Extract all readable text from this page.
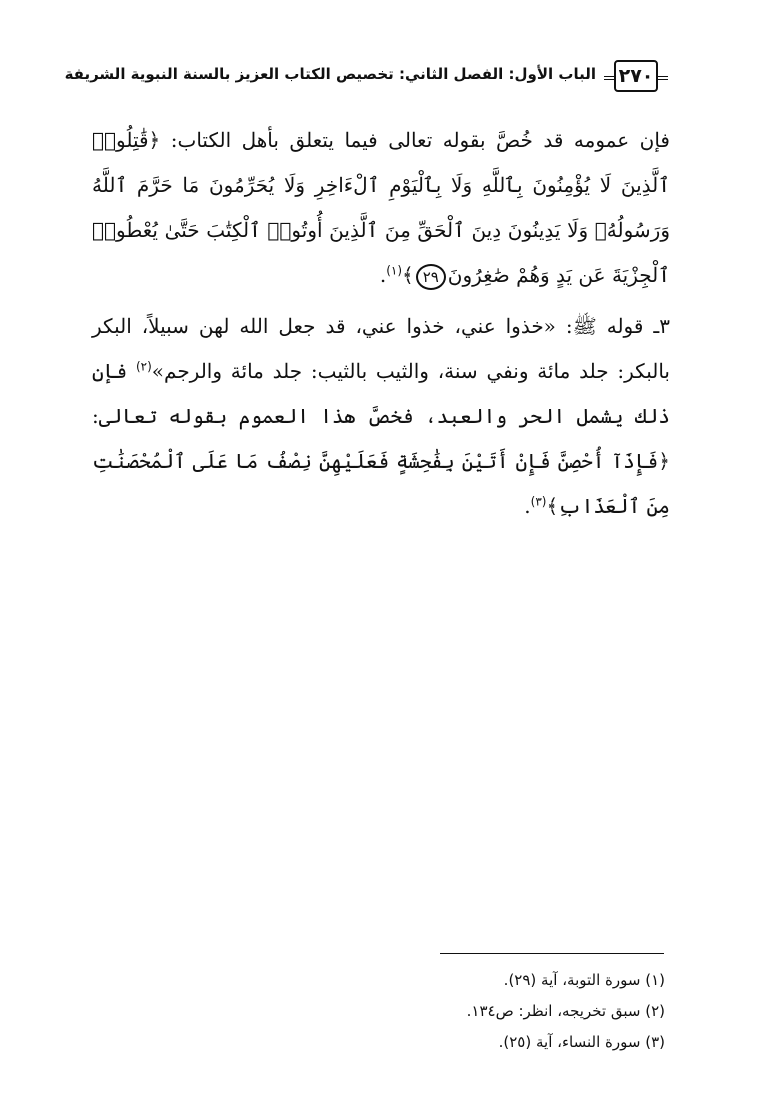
الباب الأول: الفصل الثاني: تخصيص الكتاب العزيز بالسنة النبوية الشريفة	٢٧٠

فإن عمومه قد خُصَّ بقوله تعالى فيما يتعلق بأهل الكتاب: ﴿قَٰتِلُوا۟ ٱلَّذِينَ لَا يُؤْمِنُونَ بِٱللَّهِ وَلَا بِٱلْيَوْمِ ٱلْءَاخِرِ وَلَا يُحَرِّمُونَ مَا حَرَّمَ ٱللَّهُ وَرَسُولُهُۥ وَلَا يَدِينُونَ دِينَ ٱلْحَقِّ مِنَ ٱلَّذِينَ أُوتُوا۟ ٱلْكِتَٰبَ حَتَّىٰ يُعْطُوا۟ ٱلْجِزْيَةَ عَن يَدٍ وَهُمْ صَٰغِرُونَ٢٩﴾$^{(١)}$.

٣ـ قوله ﷺ: «خذوا عني، خذوا عني، قد جعل الله لهن سبيلاً، البكر بالبكر: جلد مائة ونفي سنة، والثيب بالثيب: جلد مائة والرجم»$^{(٢)}$ فإن ذلك يشمل الحر والعبد، فخصَّ هذا العموم بقوله تعالى: ﴿فَإِذَآ أُحْصِنَّ فَإِنْ أَتَيْنَ بِفَٰحِشَةٍ فَعَلَيْهِنَّ نِصْفُ مَا عَلَى ٱلْمُحْصَنَٰتِ مِنَ ٱلْعَذَابِ﴾$^{(٣)}$.

(١) سورة التوبة، آية (٢٩).
(٢) سبق تخريجه، انظر: ص١٣٤.
(٣) سورة النساء، آية (٢٥).
